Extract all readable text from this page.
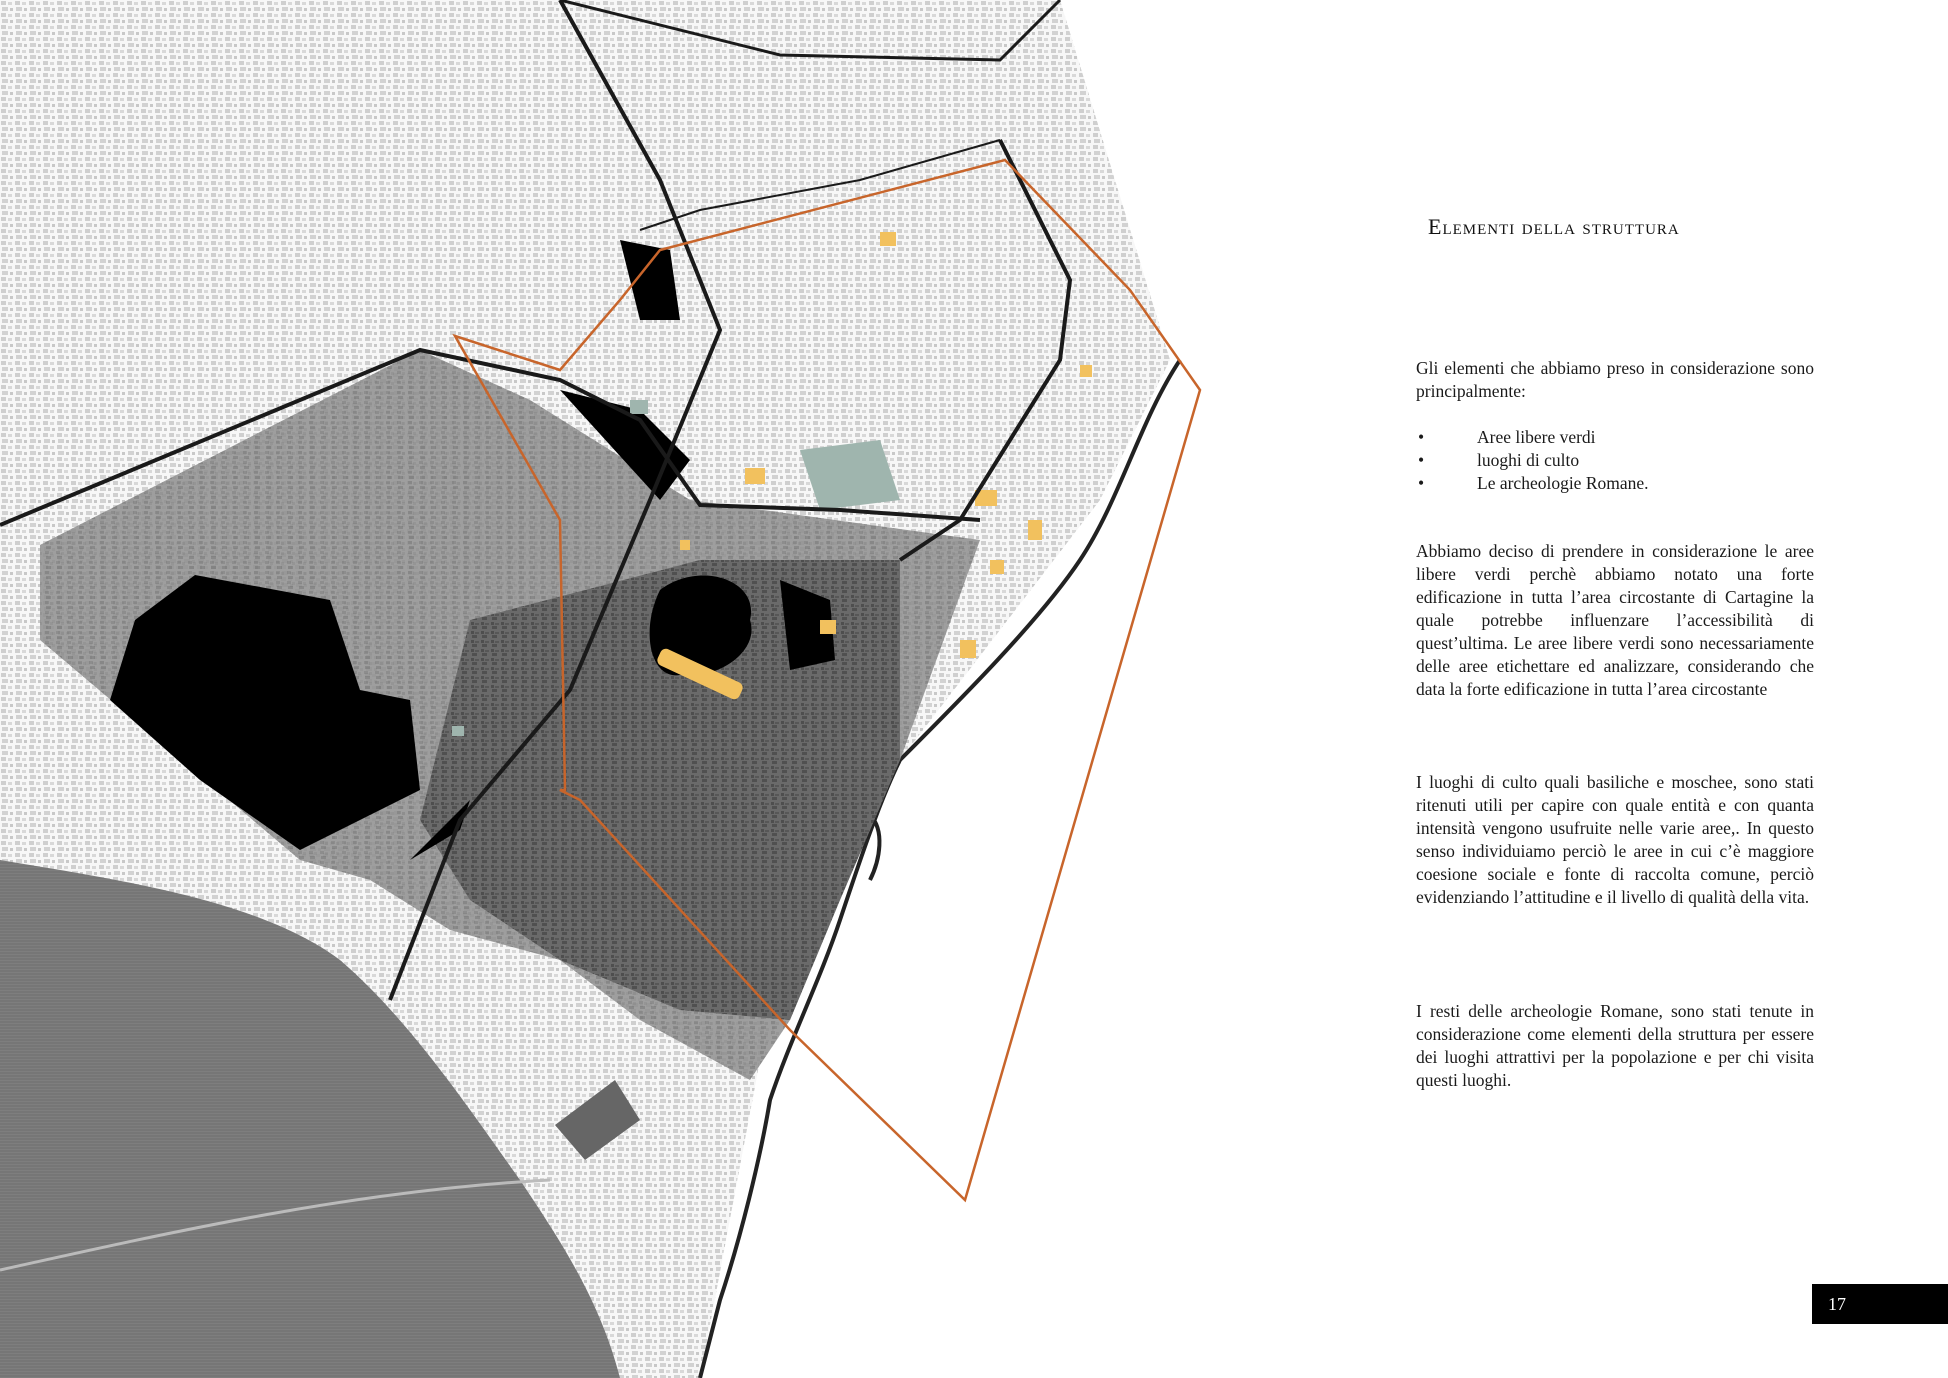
Elementi della struttura

Gli elementi che abbiamo preso in considerazione sono principalmente:

• Aree libere verdi
• luoghi di culto
• Le archeologie Romane.

Abbiamo deciso di prendere in considerazione le aree libere verdi perchè abbiamo notato una forte edificazione in tutta l’area circostante di Cartagine la quale potrebbe influenzare l’accessibilità di quest’ultima. Le aree libere verdi sono necessariamente delle aree etichettare ed analizzare, considerando che data la forte edificazione in tutta l’area circostante

I luoghi di culto quali basiliche e moschee, sono stati ritenuti utili per capire con quale entità e con quanta intensità vengono usufruite nelle varie aree,. In questo senso individuiamo perciò le aree in cui c’è maggiore coesione sociale e fonte di raccolta comune, perciò evidenziando l’attitudine e il livello di qualità della vita.

I resti delle archeologie Romane, sono stati tenute in considerazione come elementi della struttura per essere dei luoghi attrattivi per la popolazione e per chi visita questi luoghi.

17
